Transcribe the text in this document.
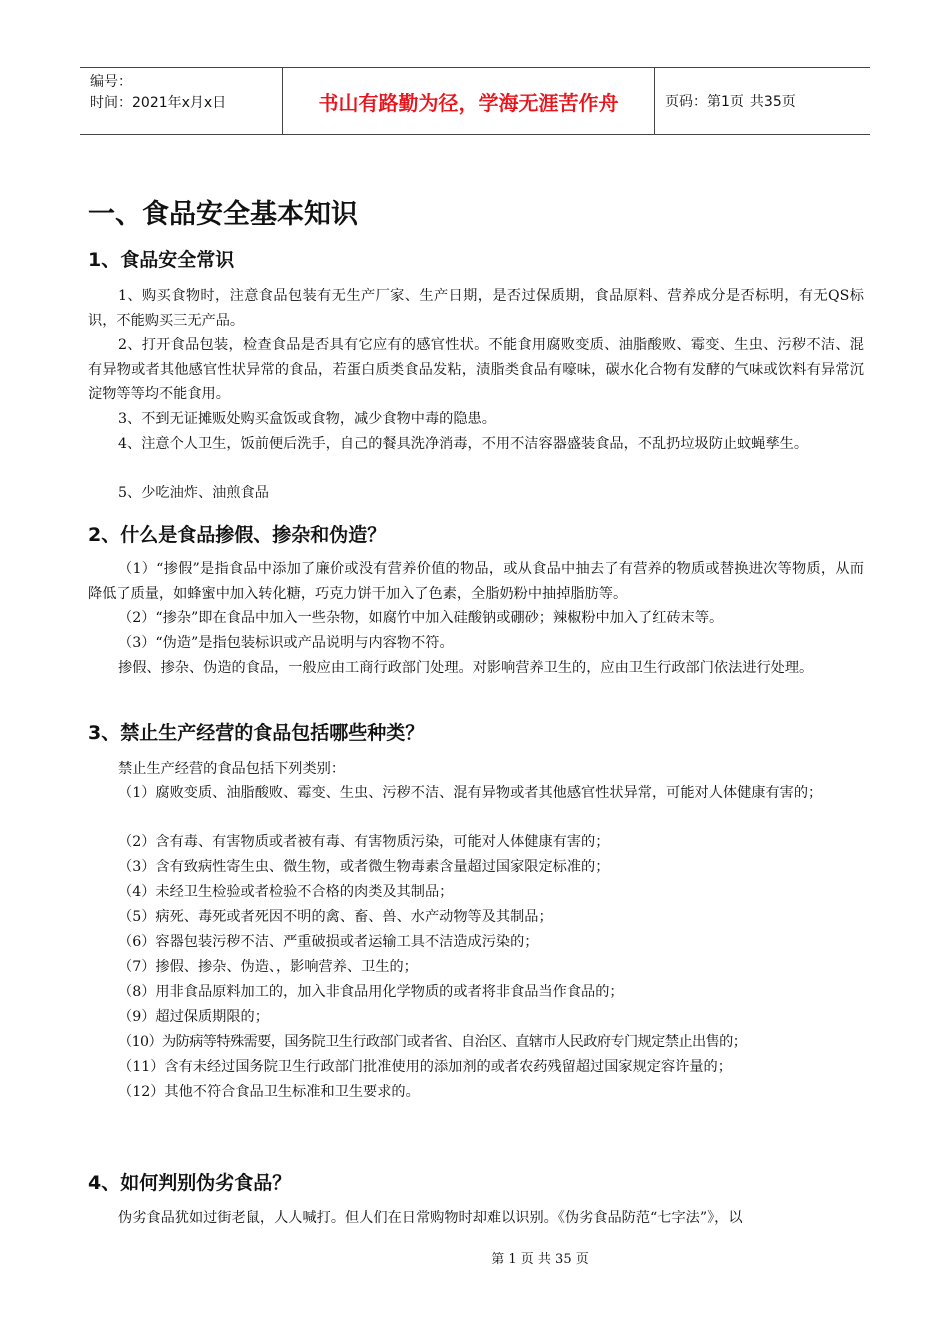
编号：
时间：2021年x月x日	书山有路勤为径，学海无涯苦作舟	页码：第1页 共35页
一、食品安全基本知识
1、食品安全常识

1、购买食物时，注意食品包装有无生产厂家、生产日期，是否过保质期，食品原料、营养成分是否标明，有无QS标识，不能购买三无产品。

2、打开食品包装，检查食品是否具有它应有的感官性状。不能食用腐败变质、油脂酸败、霉变、生虫、污秽不洁、混有异物或者其他感官性状异常的食品，若蛋白质类食品发粘，渍脂类食品有嚎味，碳水化合物有发酵的气味或饮料有异常沉淀物等等均不能食用。

3、不到无证摊贩处购买盒饭或食物，减少食物中毒的隐患。

4、注意个人卫生，饭前便后洗手，自己的餐具洗净消毒，不用不洁容器盛装食品，不乱扔垃圾防止蚊蝇孳生。

5、少吃油炸、油煎食品

2、什么是食品掺假、掺杂和伪造？

（1）“掺假”是指食品中添加了廉价或没有营养价值的物品，或从食品中抽去了有营养的物质或替换进次等物质，从而降低了质量，如蜂蜜中加入转化糖，巧克力饼干加入了色素，全脂奶粉中抽掉脂肪等。

（2）“掺杂”即在食品中加入一些杂物，如腐竹中加入硅酸钠或硼砂；辣椒粉中加入了红砖末等。

（3）“伪造”是指包装标识或产品说明与内容物不符。

掺假、掺杂、伪造的食品，一般应由工商行政部门处理。对影响营养卫生的，应由卫生行政部门依法进行处理。

3、禁止生产经营的食品包括哪些种类？

禁止生产经营的食品包括下列类别：

（1）腐败变质、油脂酸败、霉变、生虫、污秽不洁、混有异物或者其他感官性状异常，可能对人体健康有害的；

（2）含有毒、有害物质或者被有毒、有害物质污染，可能对人体健康有害的；

（3）含有致病性寄生虫、微生物，或者微生物毒素含量超过国家限定标准的；

（4）未经卫生检验或者检验不合格的肉类及其制品；

（5）病死、毒死或者死因不明的禽、畜、兽、水产动物等及其制品；

（6）容器包装污秽不洁、严重破损或者运输工具不洁造成污染的；

（7）掺假、掺杂、伪造、，影响营养、卫生的；

（8）用非食品原料加工的，加入非食品用化学物质的或者将非食品当作食品的；

（9）超过保质期限的；

（10）为防病等特殊需要，国务院卫生行政部门或者省、自治区、直辖市人民政府专门规定禁止出售的；

（11）含有未经过国务院卫生行政部门批准使用的添加剂的或者农药残留超过国家规定容许量的；

（12）其他不符合食品卫生标准和卫生要求的。

4、如何判别伪劣食品？

伪劣食品犹如过街老鼠，人人喊打。但人们在日常购物时却难以识别。《伪劣食品防范“七字法”》，以

第 1 页 共 35 页
